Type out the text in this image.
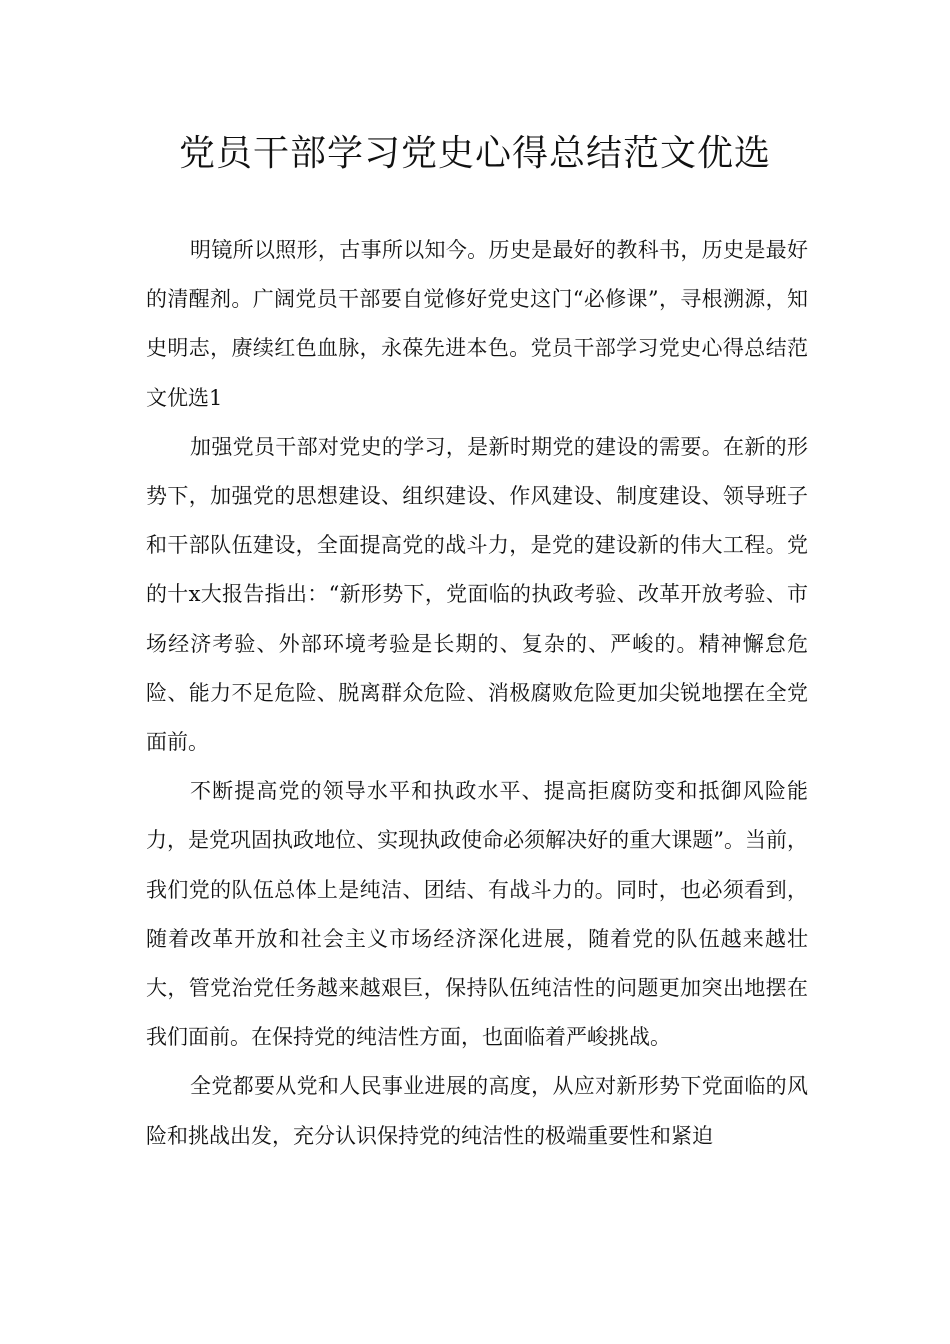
党员干部学习党史心得总结范文优选

明镜所以照形，古事所以知今。历史是最好的教科书，历史是最好的清醒剂。广阔党员干部要自觉修好党史这门“必修课”，寻根溯源，知史明志，赓续红色血脉，永葆先进本色。党员干部学习党史心得总结范文优选1

加强党员干部对党史的学习，是新时期党的建设的需要。在新的形势下，加强党的思想建设、组织建设、作风建设、制度建设、领导班子和干部队伍建设，全面提高党的战斗力，是党的建设新的伟大工程。党的十x大报告指出：“新形势下，党面临的执政考验、改革开放考验、市场经济考验、外部环境考验是长期的、复杂的、严峻的。精神懈怠危险、能力不足危险、脱离群众危险、消极腐败危险更加尖锐地摆在全党面前。

不断提高党的领导水平和执政水平、提高拒腐防变和抵御风险能力，是党巩固执政地位、实现执政使命必须解决好的重大课题”。当前，我们党的队伍总体上是纯洁、团结、有战斗力的。同时，也必须看到，随着改革开放和社会主义市场经济深化进展，随着党的队伍越来越壮大，管党治党任务越来越艰巨，保持队伍纯洁性的问题更加突出地摆在我们面前。在保持党的纯洁性方面，也面临着严峻挑战。

全党都要从党和人民事业进展的高度，从应对新形势下党面临的风险和挑战出发，充分认识保持党的纯洁性的极端重要性和紧迫
